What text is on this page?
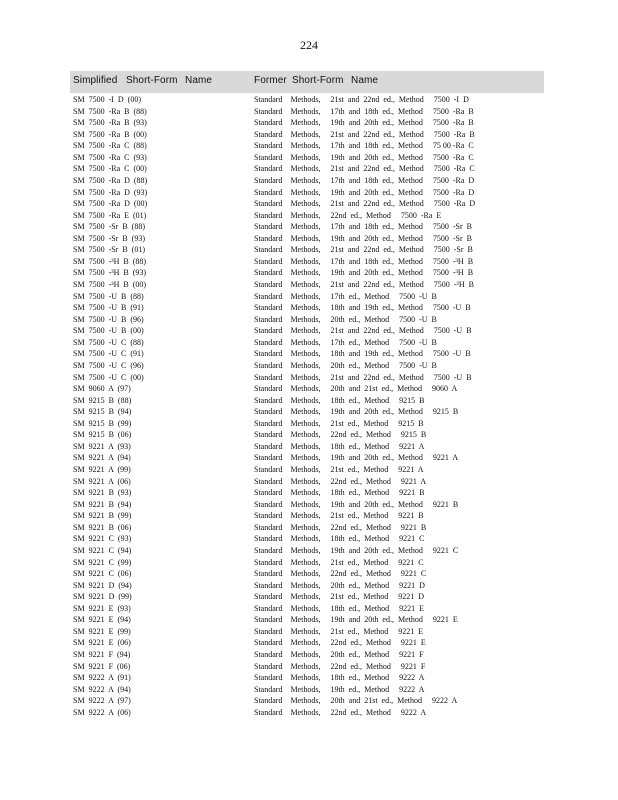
224
Simplified Short-Form Name	Former Short-Form Name
SM  7500  -I  D  (00)	Standard    Methods,     21st  and  22nd  ed.,  Method     7500  -I  D
SM  7500  -Ra  B  (88)	Standard    Methods,     17th  and  18th  ed.,  Method     7500  -Ra  B
SM  7500  -Ra  B  (93)	Standard    Methods,     19th  and  20th  ed.,  Method     7500  -Ra  B
SM  7500  -Ra  B  (00)	Standard    Methods,     21st  and  22nd  ed.,  Method     7500  -Ra  B
SM  7500  -Ra  C  (88)	Standard    Methods,     17th  and  18th  ed.,  Method     75 00 -Ra  C
SM  7500  -Ra  C  (93)	Standard    Methods,     19th  and  20th  ed.,  Method     7500  -Ra  C
SM  7500  -Ra  C  (00)	Standard    Methods,     21st  and  22nd  ed.,  Method     7500  -Ra  C
SM  7500  -Ra  D  (88)	Standard    Methods,     17th  and  18th  ed.,  Method     7500  -Ra  D
SM  7500  -Ra  D  (93)	Standard    Methods,     19th  and  20th  ed.,  Method     7500  -Ra  D
SM  7500  -Ra  D  (00)	Standard    Methods,     21st  and  22nd  ed.,  Method     7500  -Ra  D
SM  7500  -Ra  E  (01)	Standard    Methods,     22nd  ed.,  Method     7500  -Ra  E
SM  7500  -Sr  B  (88)	Standard    Methods,     17th  and  18th  ed.,  Method     7500  -Sr  B
SM  7500  -Sr  B  (93)	Standard    Methods,     19th  and  20th  ed.,  Method     7500  -Sr  B
SM  7500  -Sr  B  (01)	Standard    Methods,     21st  and  22nd  ed.,  Method     7500  -Sr  B
SM  7500  -³H  B  (88)	Standard    Methods,     17th  and  18th  ed.,  Method     7500  -³H  B
SM  7500  -³H  B  (93)	Standard    Methods,     19th  and  20th  ed.,  Method     7500  -³H  B
SM  7500  -³H  B  (00)	Standard    Methods,     21st  and  22nd  ed.,  Method     7500  -³H  B
SM  7500  -U  B  (88)	Standard    Methods,     17th  ed.,  Method     7500  -U  B
SM  7500  -U  B  (91)	Standard    Methods,     18th  and  19th  ed.,  Method     7500  -U  B
SM  7500  -U  B  (96)	Standard    Methods,     20th  ed.,  Method     7500  -U  B
SM  7500  -U  B  (00)	Standard    Methods,     21st  and  22nd  ed.,  Method     7500  -U  B
SM  7500  -U  C  (88)	Standard    Methods,     17th  ed.,  Method     7500  -U  B
SM  7500  -U  C  (91)	Standard    Methods,     18th  and  19th  ed.,  Method     7500  -U  B
SM  7500  -U  C  (96)	Standard    Methods,     20th  ed.,  Method     7500  -U  B
SM  7500  -U  C  (00)	Standard    Methods,     21st  and  22nd  ed.,  Method     7500  -U  B
SM  9060  A  (97)	Standard    Methods,     20th  and  21st  ed.,  Method     9060  A
SM  9215  B  (88)	Standard    Methods,     18th  ed.,  Method     9215  B
SM  9215  B  (94)	Standard    Methods,     19th  and  20th  ed.,  Method     9215  B
SM  9215  B  (99)	Standard    Methods,     21st  ed.,  Method     9215  B
SM  9215  B  (06)	Standard    Methods,     22nd  ed.,  Method     9215  B
SM  9221  A  (93)	Standard    Methods,     18th  ed.,  Method     9221  A
SM  9221  A  (94)	Standard    Methods,     19th  and  20th  ed.,  Method     9221  A
SM  9221  A  (99)	Standard    Methods,     21st  ed.,  Method     9221  A
SM  9221  A  (06)	Standard    Methods,     22nd  ed.,  Method     9221  A
SM  9221  B  (93)	Standard    Methods,     18th  ed.,  Method     9221  B
SM  9221  B  (94)	Standard    Methods,     19th  and  20th  ed.,  Method     9221  B
SM  9221  B  (99)	Standard    Methods,     21st  ed.,  Method     9221  B
SM  9221  B  (06)	Standard    Methods,     22nd  ed.,  Method     9221  B
SM  9221  C  (93)	Standard    Methods,     18th  ed.,  Method     9221  C
SM  9221  C  (94)	Standard    Methods,     19th  and  20th  ed.,  Method     9221  C
SM  9221  C  (99)	Standard    Methods,     21st  ed.,  Method     9221  C
SM  9221  C  (06)	Standard    Methods,     22nd  ed.,  Method     9221  C
SM  9221  D  (94)	Standard    Methods,     20th  ed.,  Method     9221  D
SM  9221  D  (99)	Standard    Methods,     21st  ed.,  Method     9221  D
SM  9221  E  (93)	Standard    Methods,     18th  ed.,  Method     9221  E
SM  9221  E  (94)	Standard    Methods,     19th  and  20th  ed.,  Method     9221  E
SM  9221  E  (99)	Standard    Methods,     21st  ed.,  Method     9221  E
SM  9221  E  (06)	Standard    Methods,     22nd  ed.,  Method     9221  E
SM  9221  F  (94)	Standard    Methods,     20th  ed.,  Method     9221  F
SM  9221  F  (06)	Standard    Methods,     22nd  ed.,  Method     9221  F
SM  9222  A  (91)	Standard    Methods,     18th  ed.,  Method     9222  A
SM  9222  A  (94)	Standard    Methods,     19th  ed.,  Method     9222  A
SM  9222  A  (97)	Standard    Methods,     20th  and  21st  ed.,  Method     9222  A
SM  9222  A  (06)	Standard    Methods,     22nd  ed.,  Method     9222  A
